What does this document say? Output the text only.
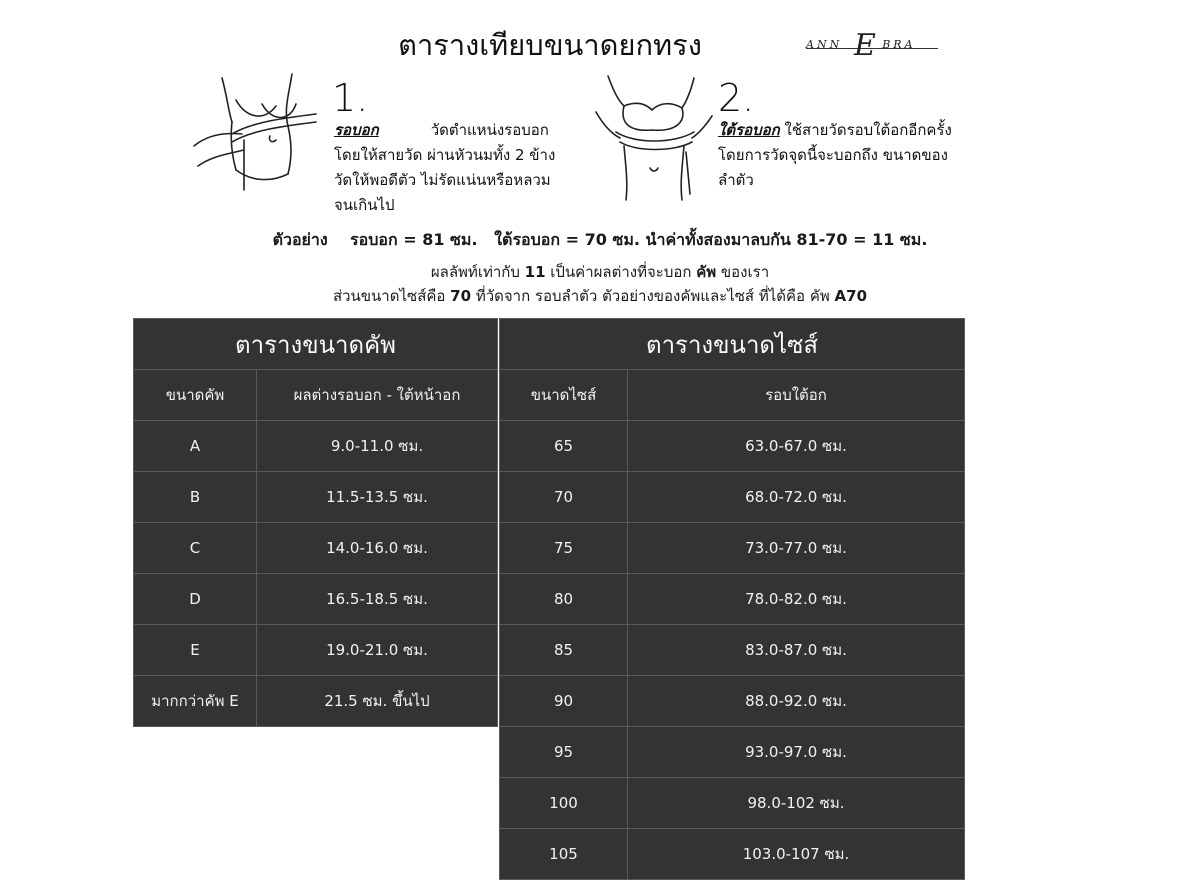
ตารางเทียบขนาดยกทรง	ANN	BRA
E
1.
รอบอก	วัดตำแหน่งรอบอก
โดยให้สายวัด ผ่านหัวนมทั้ง 2 ข้าง
วัดให้พอดีตัว ไม่รัดแน่นหรือหลวม
จนเกินไป
2.
ใต้รอบอก ใช้สายวัดรอบใต้อกอีกครั้ง
โดยการวัดจุดนี้จะบอกถึง ขนาดของ
ลำตัว
ตัวอย่าง    รอบอก = 81 ซม.   ใต้รอบอก = 70 ซม. นำค่าทั้งสองมาลบกัน 81-70 = 11 ซม.
ผลลัพท์เท่ากับ 11 เป็นค่าผลต่างที่จะบอก คัพ ของเรา
ส่วนขนาดไซส์คือ 70 ที่วัดจาก รอบลำตัว ตัวอย่างของคัพและไซส์ ที่ได้คือ คัพ A70
ตารางขนาดคัพ	
ขนาดคัพ	ผลต่างรอบอก - ใต้หน้าอก
A	9.0-11.0 ซม.
B	11.5-13.5 ซม.
C	14.0-16.0 ซม.
D	16.5-18.5 ซม.
E	19.0-21.0 ซม.
มากกว่าคัพ E	21.5 ซม. ขึ้นไป
ตารางขนาดไซส์	
ขนาดไซส์	รอบใต้อก
65	63.0-67.0 ซม.
70	68.0-72.0 ซม.
75	73.0-77.0 ซม.
80	78.0-82.0 ซม.
85	83.0-87.0 ซม.
90	88.0-92.0 ซม.
95	93.0-97.0 ซม.
100	98.0-102 ซม.
105	103.0-107 ซม.
